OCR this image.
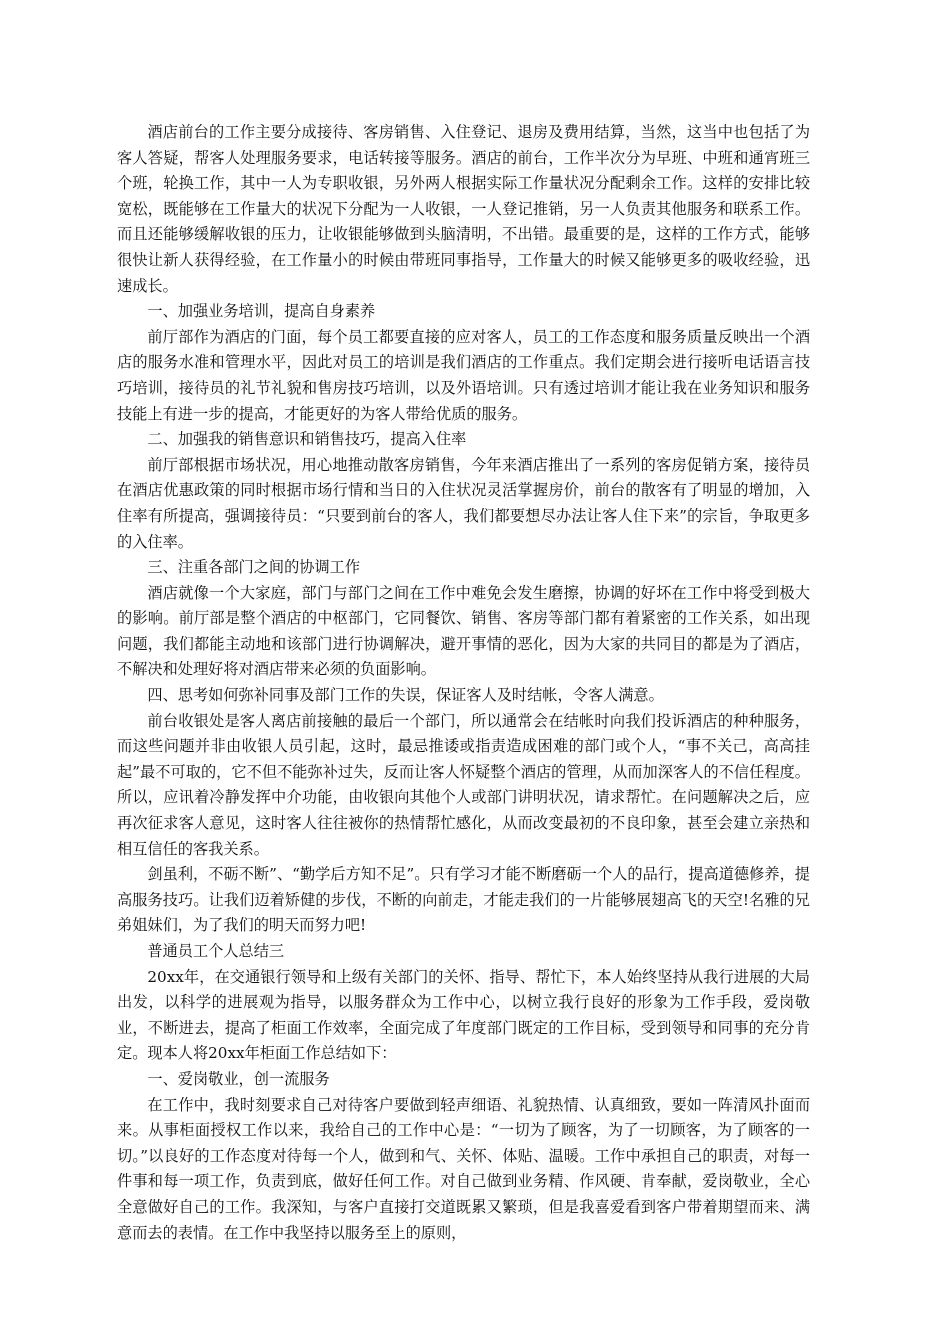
酒店前台的工作主要分成接待、客房销售、入住登记、退房及费用结算，当然，这当中也包括了为客人答疑，帮客人处理服务要求，电话转接等服务。酒店的前台，工作半次分为早班、中班和通宵班三个班，轮换工作，其中一人为专职收银，另外两人根据实际工作量状况分配剩余工作。这样的安排比较宽松，既能够在工作量大的状况下分配为一人收银，一人登记推销，另一人负责其他服务和联系工作。而且还能够缓解收银的压力，让收银能够做到头脑清明，不出错。最重要的是，这样的工作方式，能够很快让新人获得经验，在工作量小的时候由带班同事指导，工作量大的时候又能够更多的吸收经验，迅速成长。

一、加强业务培训，提高自身素养

前厅部作为酒店的门面，每个员工都要直接的应对客人，员工的工作态度和服务质量反映出一个酒店的服务水准和管理水平，因此对员工的培训是我们酒店的工作重点。我们定期会进行接听电话语言技巧培训，接待员的礼节礼貌和售房技巧培训，以及外语培训。只有透过培训才能让我在业务知识和服务技能上有进一步的提高，才能更好的为客人带给优质的服务。

二、加强我的销售意识和销售技巧，提高入住率

前厅部根据市场状况，用心地推动散客房销售，今年来酒店推出了一系列的客房促销方案，接待员在酒店优惠政策的同时根据市场行情和当日的入住状况灵活掌握房价，前台的散客有了明显的增加，入住率有所提高，强调接待员：“只要到前台的客人，我们都要想尽办法让客人住下来”的宗旨，争取更多的入住率。

三、注重各部门之间的协调工作

酒店就像一个大家庭，部门与部门之间在工作中难免会发生磨擦，协调的好坏在工作中将受到极大的影响。前厅部是整个酒店的中枢部门，它同餐饮、销售、客房等部门都有着紧密的工作关系，如出现问题，我们都能主动地和该部门进行协调解决，避开事情的恶化，因为大家的共同目的都是为了酒店，不解决和处理好将对酒店带来必须的负面影响。

四、思考如何弥补同事及部门工作的失误，保证客人及时结帐，令客人满意。

前台收银处是客人离店前接触的最后一个部门，所以通常会在结帐时向我们投诉酒店的种种服务，而这些问题并非由收银人员引起，这时，最忌推诿或指责造成困难的部门或个人，“事不关己，高高挂起”最不可取的，它不但不能弥补过失，反而让客人怀疑整个酒店的管理，从而加深客人的不信任程度。所以，应讯着冷静发挥中介功能，由收银向其他个人或部门讲明状况，请求帮忙。在问题解决之后，应再次征求客人意见，这时客人往往被你的热情帮忙感化，从而改变最初的不良印象，甚至会建立亲热和相互信任的客我关系。

剑虽利，不砺不断”、“勤学后方知不足”。只有学习才能不断磨砺一个人的品行，提高道德修养，提高服务技巧。让我们迈着矫健的步伐，不断的向前走，才能走我们的一片能够展翅高飞的天空!名雅的兄弟姐妹们，为了我们的明天而努力吧!

普通员工个人总结三

20xx年，在交通银行领导和上级有关部门的关怀、指导、帮忙下，本人始终坚持从我行进展的大局出发，以科学的进展观为指导，以服务群众为工作中心，以树立我行良好的形象为工作手段，爱岗敬业，不断进去，提高了柜面工作效率，全面完成了年度部门既定的工作目标，受到领导和同事的充分肯定。现本人将20xx年柜面工作总结如下：

一、爱岗敬业，创一流服务

在工作中，我时刻要求自己对待客户要做到轻声细语、礼貌热情、认真细致，要如一阵清风扑面而来。从事柜面授权工作以来，我给自己的工作中心是：“一切为了顾客，为了一切顾客，为了顾客的一切。”以良好的工作态度对待每一个人，做到和气、关怀、体贴、温暖。工作中承担自己的职责，对每一件事和每一项工作，负责到底，做好任何工作。对自己做到业务精、作风硬、肯奉献，爱岗敬业，全心全意做好自己的工作。我深知，与客户直接打交道既累又繁琐，但是我喜爱看到客户带着期望而来、满意而去的表情。在工作中我坚持以服务至上的原则，
